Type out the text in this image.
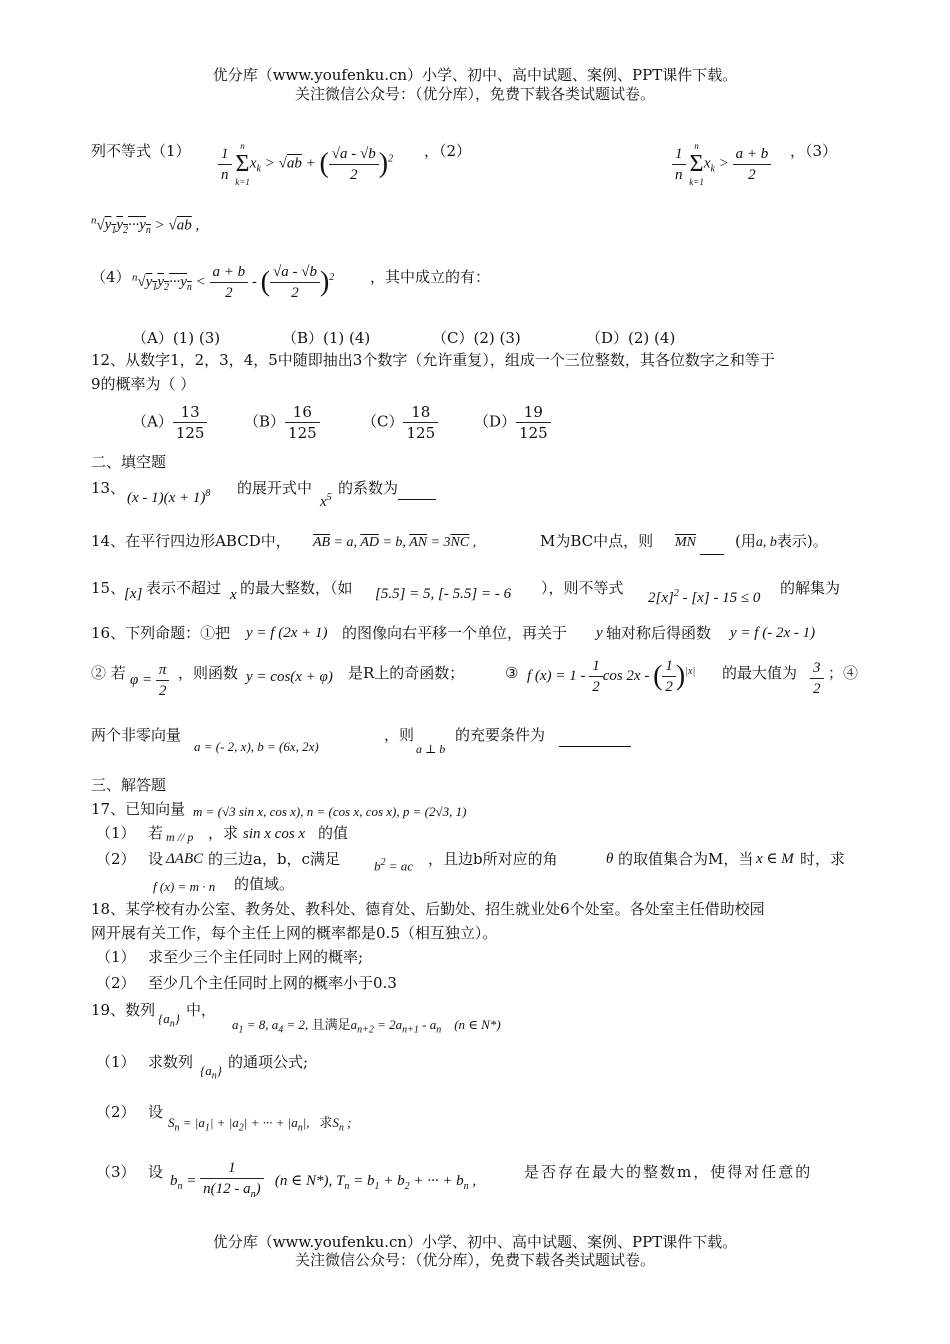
优分库（www.youfenku.cn）小学、初中、高中试题、案例、PPT课件下载。
关注微信公众号：（优分库），免费下载各类试题试卷。
列不等式$(1) \frac{1}{n}$
n
Σ
k=1
$x_k > √ab$ + ( $\frac{√a - √b}{2} )^2$ ，（2）	$\frac{1}{n}$
n
Σ
k=1
$x_k > \frac{a + b}{2}$ ，（3）
$^n√y_1y_2\cdot\cdot\cdot y_n > √ab$ ,
（4） $^n√y_1y_2\cdot\cdot\cdot y_n < \frac{a + b}{2}$ - ( $\frac{√a - √b}{2} )^2$ ，其中成立的有：
（A）(1) (3)	（B）(1) (4)	（C）(2) (3)	（D）(2) (4)
12、从数字1，2，3，4，5中随即抽出3个数字（允许重复），组成一个三位整数，其各位数字之和等于
9的概率为（ ）
$(A) \frac{13}{125} (B) \frac{16}{125}$	$(C) \frac{18}{125} (D) \frac{19}{125}$
二、填空题
13、
$(x - 1)(x + 1)^8$ 的展开式中
$x^5$
的系数为
14、在平行四边形ABCD中， $\overline{AB} = a$, $\overline{AD} = b$, $\overline{AN} = 3\overline{NC}$ ,	M为BC中点，则 $\overline{MN}$	(用a, b表示)。
15、
[x] 表示不超过 x 的最大整数，（如 [5.5] = 5, [- 5.5] = - 6 ），则不等式
$2[x]^2 - [x] - 15 \le 0$
的解集为
16、下列命题：①把 y = f (2x + 1) 的图像向右平移一个单位，再关于 y 轴对称后得函数 y = f (- 2x - 1)
② 若 $\varphi = \frac{\pi}{2}$ ，则函数 y = cos(x + φ) 是R上的奇函数；	③ f $(x) = 1 - \frac{1}{2}$ cos 2x - ( $\frac{1}{2} )^{|x|}$ 的最大值为 $\frac{3}{2}$ ；④
两个非零向量
a = (- 2, x), b = (6x, 2x)
，则
a ⊥ b
的充要条件为
三、解答题
17、已知向量 m = (√3 sin x, cos x), n = (cos x, cos x), p = (2√3, 1)
（1） 若 m // p ，求 sin x cos x 的值
（2） 设 ΔABC 的三边a，b，c满足	$b^2$ = ac ，且边b所对应的角	θ 的取值集合为M，当 x ∈ M 时，求
f (x) = m · n 的值域。
18、某学校有办公室、教务处、教科处、德育处、后勤处、招生就业处6个处室。各处室主任借助校园
网开展有关工作，每个主任上网的概率都是0.5（相互独立）。
（1） 求至少三个主任同时上网的概率;
（2） 至少几个主任同时上网的概率小于0.3
19、数列 $\{a_n\}$ 中，
$a_1 = 8$, $a_4 = 2$, 且满足$a_{n+2} = 2a_{n+1} - a_n$    (n ∈ N*)
（1） 求数列 $\{a_n\}$ 的通项公式;
（2） 设
$S_n = |a_1| + |a_2|$ + ··· + $|a_n|$,   求$S_n$ ;
（3） 设 $b_n = \frac{1}{n(12 - a_n)} (n$ ∈ N*), $T_n = b_1 + b_2$ + ··· + $b_n$ ,	是否存在最大的整数m，使得对任意的
优分库（www.youfenku.cn）小学、初中、高中试题、案例、PPT课件下载。
关注微信公众号：（优分库），免费下载各类试题试卷。
